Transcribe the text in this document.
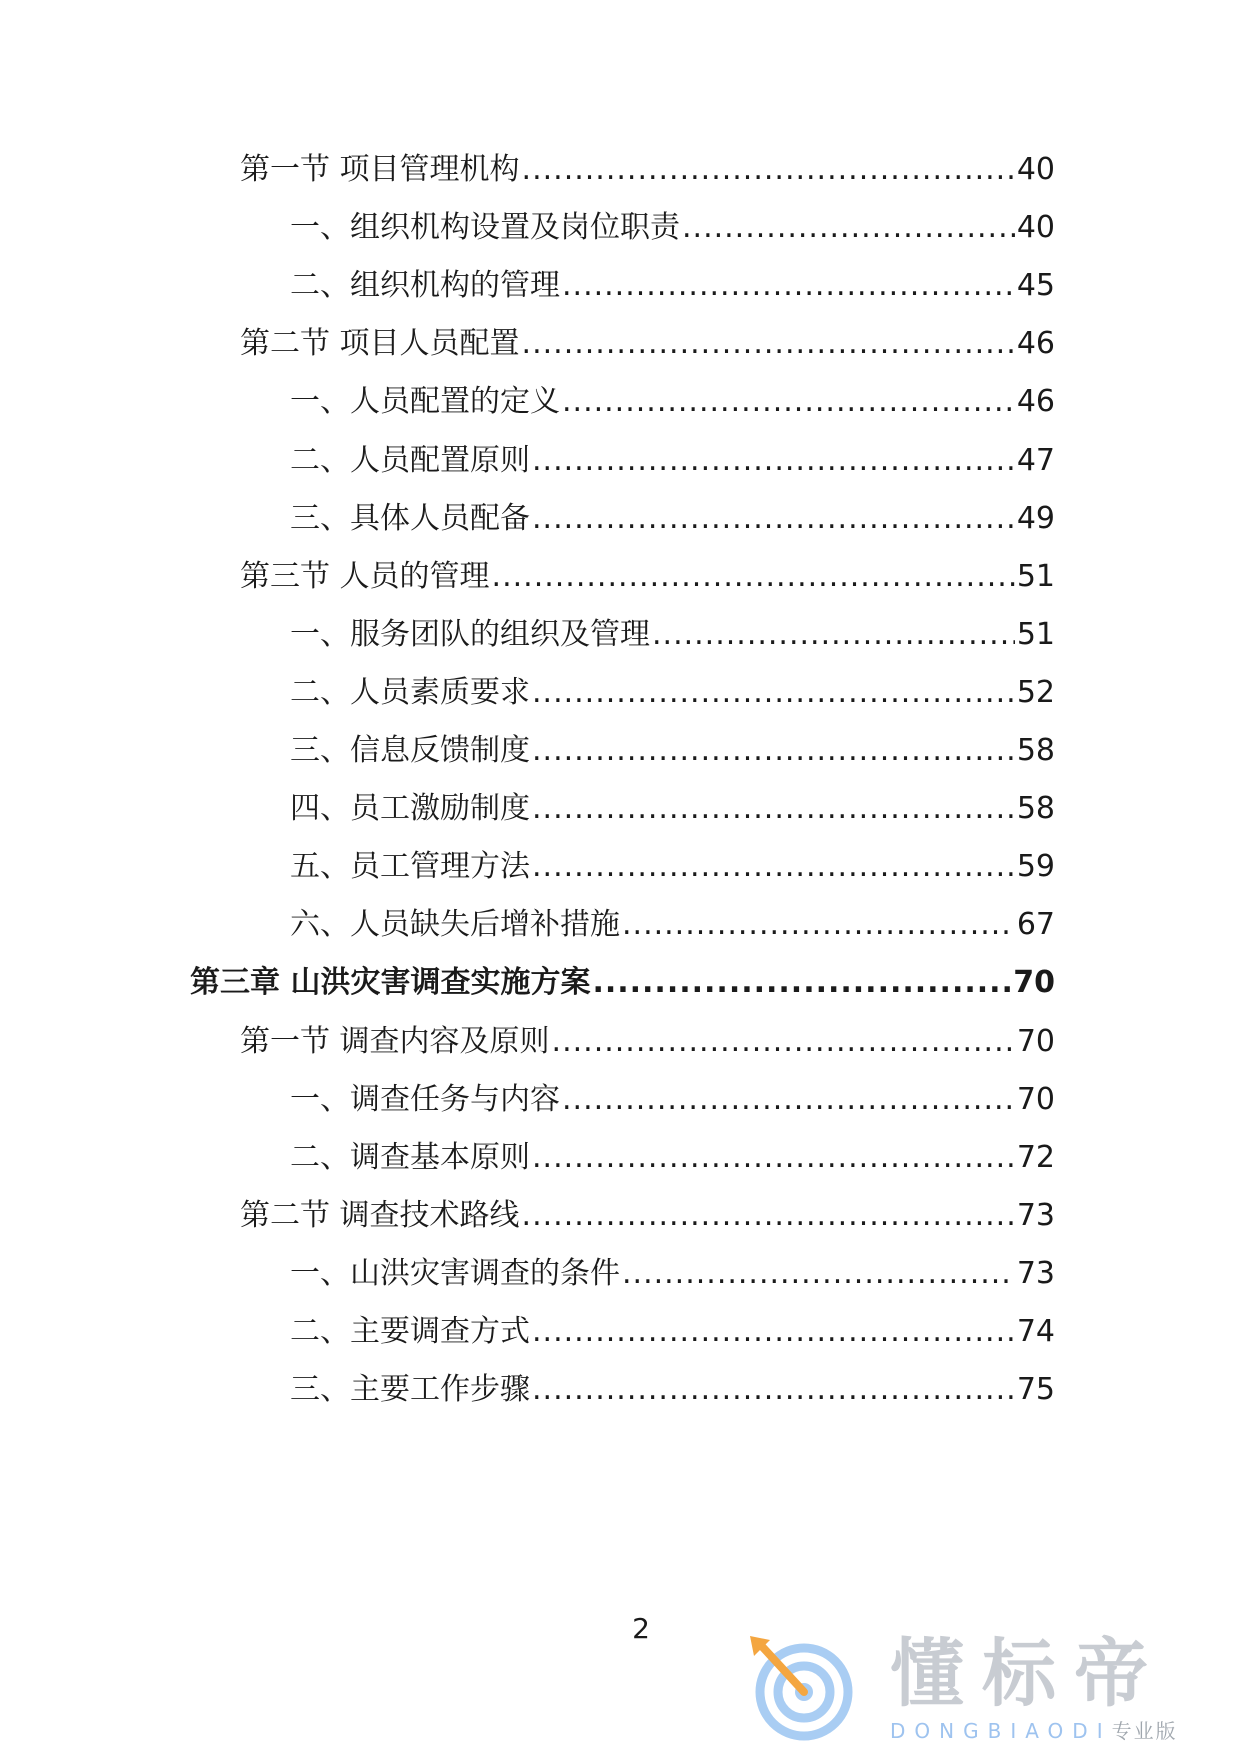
第一节 项目管理机构 .....	40
一、组织机构设置及岗位职责 .....	40
二、组织机构的管理 .....	45
第二节 项目人员配置 .....	46
一、人员配置的定义 .....	46
二、人员配置原则 .....	47
三、具体人员配备 .....	49
第三节 人员的管理 .....	51
一、服务团队的组织及管理 .....	51
二、人员素质要求 .....	52
三、信息反馈制度 .....	58
四、员工激励制度 .....	58
五、员工管理方法 .....	59
六、人员缺失后增补措施 .....	67
第三章 山洪灾害调查实施方案 .....	70
第一节 调查内容及原则 .....	70
一、调查任务与内容 .....	70
二、调查基本原则 .....	72
第二节 调查技术路线 .....	73
一、山洪灾害调查的条件 .....	73
二、主要调查方式 .....	74
三、主要工作步骤 .....	75
2
懂标帝
DONGBIAODI专业版
